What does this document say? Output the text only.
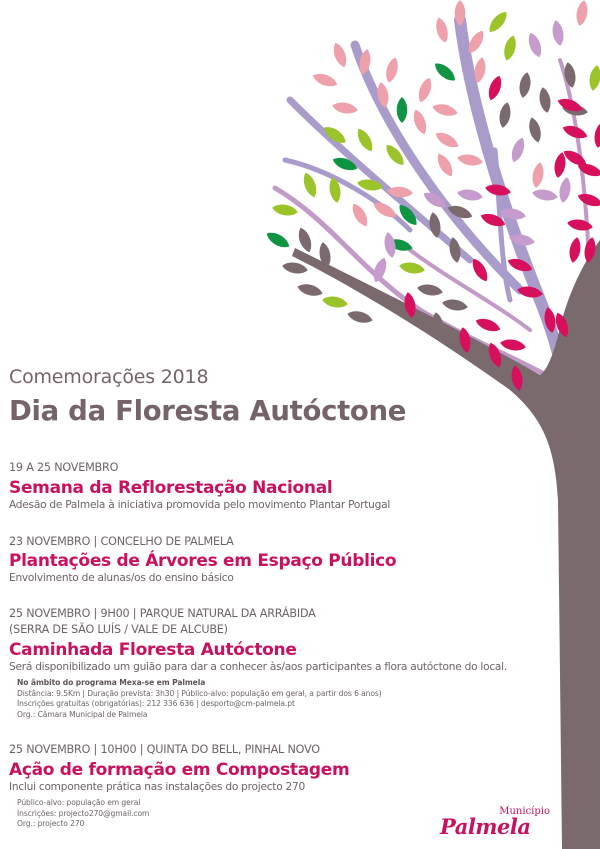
Comemorações 2018
Dia da Floresta Autóctone
19 A 25 NOVEMBRO
Semana da Reflorestação Nacional
Adesão de Palmela à iniciativa promovida pelo movimento Plantar Portugal
23 NOVEMBRO | CONCELHO DE PALMELA
Plantações de Árvores em Espaço Público
Envolvimento de alunas/os do ensino básico
25 NOVEMBRO | 9H00 | PARQUE NATURAL DA ARRÁBIDA
(SERRA DE SÃO LUÍS / VALE DE ALCUBE)
Caminhada Floresta Autóctone
Será disponibilizado um guião para dar a conhecer às/aos participantes a flora autóctone do local.
No âmbito do programa Mexa-se em Palmela
Distância: 9.5Km | Duração prevista: 3h30 | Público-alvo: população em geral, a partir dos 6 anos)
Inscrições gratuitas (obrigatórias): 212 336 636 | desporto@cm-palmela.pt
Org.: Câmara Municipal de Palmela
25 NOVEMBRO | 10H00 | QUINTA DO BELL, PINHAL NOVO
Ação de formação em Compostagem
Inclui componente prática nas instalações do projecto 270
Público-alvo: população em geral
Inscrições: projecto270@gmail.com
Org.: projecto 270
Município
Palmela
